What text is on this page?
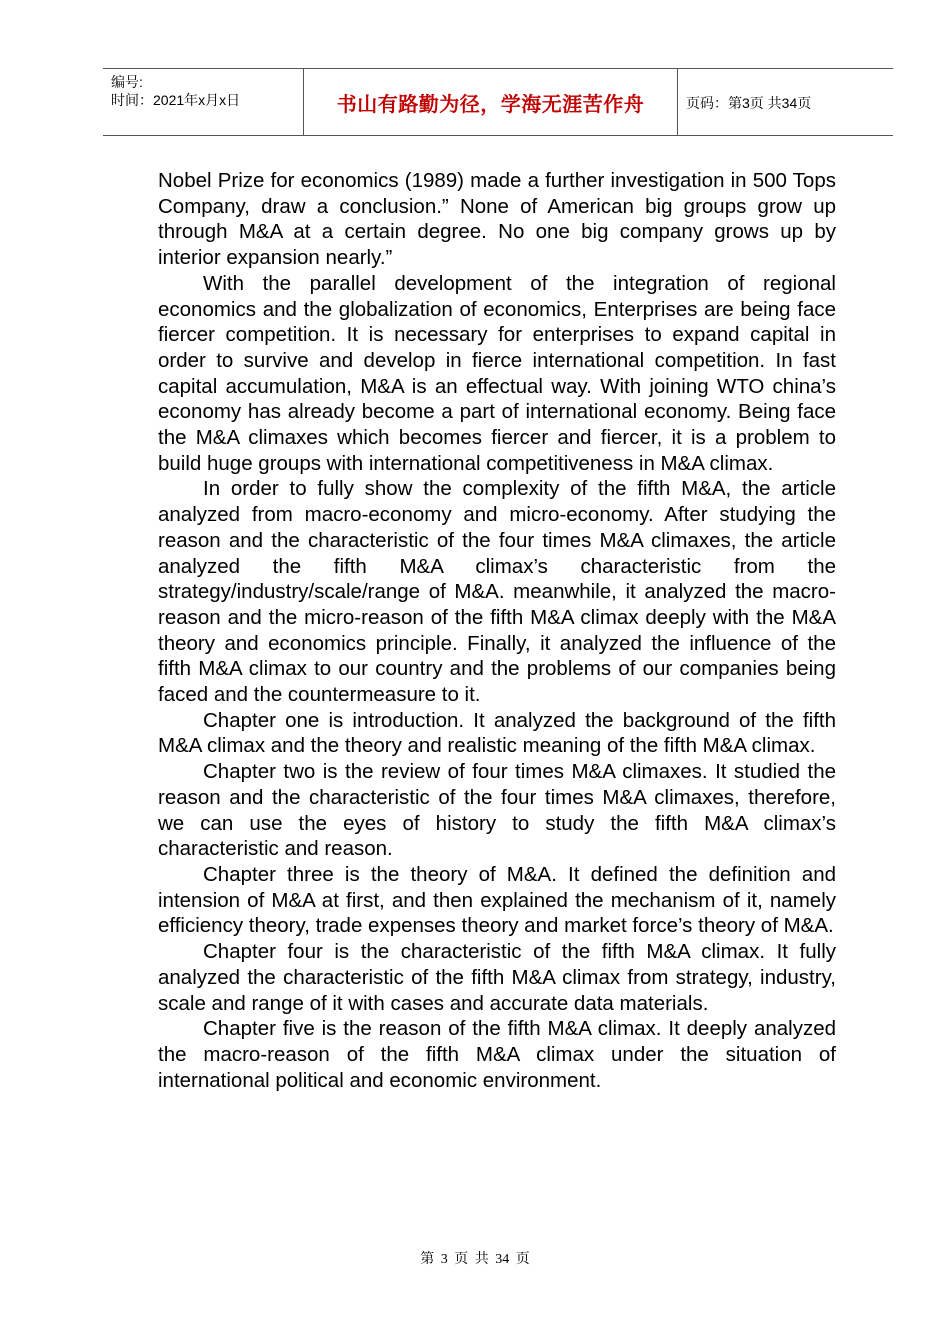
编号:
时间：2021年x月x日	书山有路勤为径，学海无涯苦作舟	页码：第3页 共34页

Nobel Prize for economics (1989) made a further investigation in 500 Tops Company, draw a conclusion.” None of American big groups grow up through M&A at a certain degree. No one big company grows up by interior expansion nearly.”

With the parallel development of the integration of regional economics and the globalization of economics, Enterprises are being face fiercer competition. It is necessary for enterprises to expand capital in order to survive and develop in fierce international competition. In fast capital accumulation, M&A is an effectual way. With joining WTO china’s economy has already become a part of international economy. Being face the M&A climaxes which becomes fiercer and fiercer, it is a problem to build huge groups with international competitiveness in M&A climax.

In order to fully show the complexity of the fifth M&A, the article analyzed from macro-economy and micro-economy. After studying the reason and the characteristic of the four times M&A climaxes, the article analyzed the fifth M&A climax’s characteristic from the strategy/industry/scale/range of M&A. meanwhile, it analyzed the macro-reason and the micro-reason of the fifth M&A climax deeply with the M&A theory and economics principle. Finally, it analyzed the influence of the fifth M&A climax to our country and the problems of our companies being faced and the countermeasure to it.

Chapter one is introduction. It analyzed the background of the fifth M&A climax and the theory and realistic meaning of the fifth M&A climax.

Chapter two is the review of four times M&A climaxes. It studied the reason and the characteristic of the four times M&A climaxes, therefore, we can use the eyes of history to study the fifth M&A climax’s characteristic and reason.

Chapter three is the theory of M&A. It defined the definition and intension of M&A at first, and then explained the mechanism of it, namely efficiency theory, trade expenses theory and market force’s theory of M&A.

Chapter four is the characteristic of the fifth M&A climax. It fully analyzed the characteristic of the fifth M&A climax from strategy, industry, scale and range of it with cases and accurate data materials.

Chapter five is the reason of the fifth M&A climax. It deeply analyzed the macro-reason of the fifth M&A climax under the situation of international political and economic environment.

第 3 页 共 34 页
